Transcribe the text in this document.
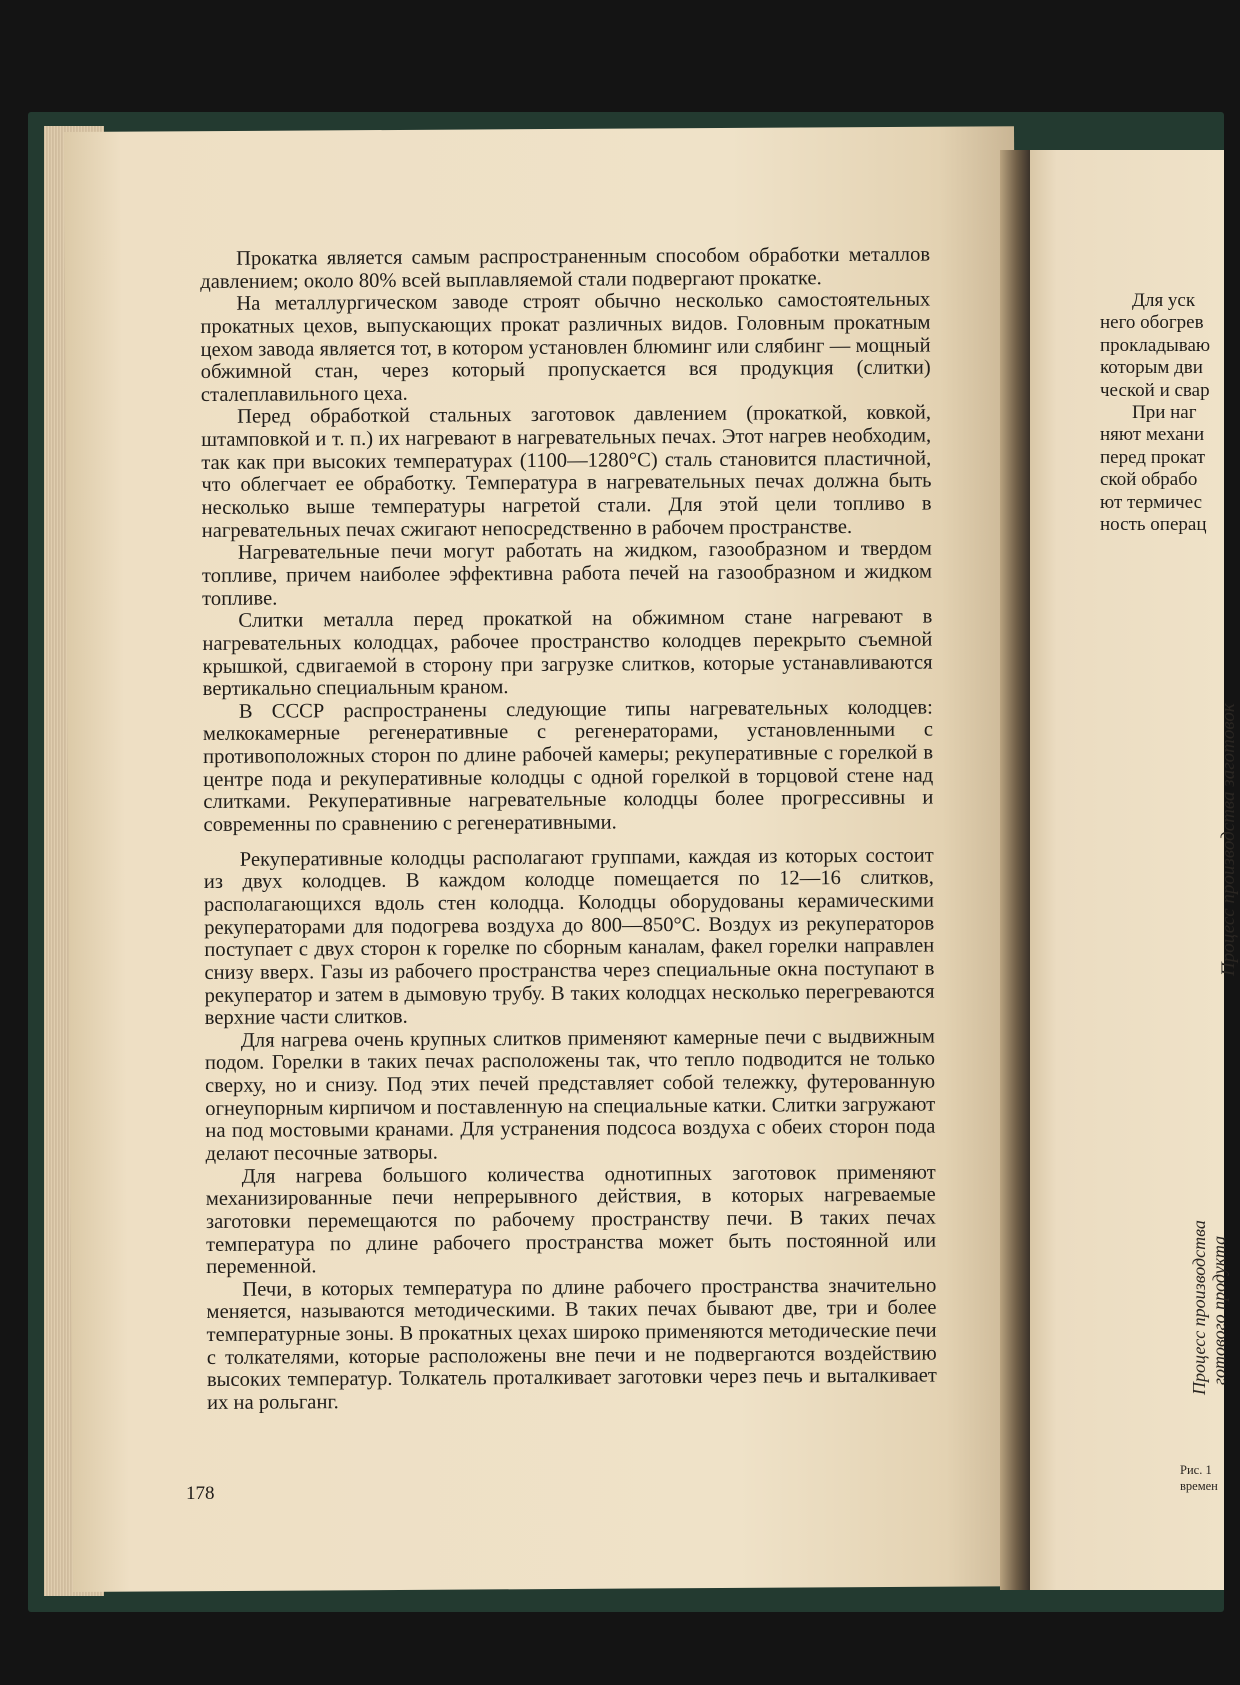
Прокатка является самым распространенным способом обработки металлов давлением; около 80% всей выплавляемой стали подвергают прокатке.

На металлургическом заводе строят обычно несколько самостоятельных прокатных цехов, выпускающих прокат различных видов. Головным прокатным цехом завода является тот, в котором установлен блюминг или слябинг — мощный обжимной стан, через который пропускается вся продукция (слитки) сталеплавильного цеха.

Перед обработкой стальных заготовок давлением (прокаткой, ковкой, штамповкой и т. п.) их нагревают в нагревательных печах. Этот нагрев необходим, так как при высоких температурах (1100—1280°С) сталь становится пластичной, что облегчает ее обработку. Температура в нагревательных печах должна быть несколько выше температуры нагретой стали. Для этой цели топливо в нагревательных печах сжигают непосредственно в рабочем пространстве.

Нагревательные печи могут работать на жидком, газообразном и твердом топливе, причем наиболее эффективна работа печей на газообразном и жидком топливе.

Слитки металла перед прокаткой на обжимном стане нагревают в нагревательных колодцах, рабочее пространство колодцев перекрыто съемной крышкой, сдвигаемой в сторону при загрузке слитков, которые устанавливаются вертикально специальным краном.

В СССР распространены следующие типы нагревательных колодцев: мелкокамерные регенеративные с регенераторами, установленными с противоположных сторон по длине рабочей камеры; рекуперативные с горелкой в центре пода и рекуперативные колодцы с одной горелкой в торцовой стене над слитками. Рекуперативные нагревательные колодцы более прогрессивны и современны по сравнению с регенеративными.

Рекуперативные колодцы располагают группами, каждая из которых состоит из двух колодцев. В каждом колодце помещается по 12—16 слитков, располагающихся вдоль стен колодца. Колодцы оборудованы керамическими рекуператорами для подогрева воздуха до 800—850°С. Воздух из рекуператоров поступает с двух сторон к горелке по сборным каналам, факел горелки направлен снизу вверх. Газы из рабочего пространства через специальные окна поступают в рекуператор и затем в дымовую трубу. В таких колодцах несколько перегреваются верхние части слитков.

Для нагрева очень крупных слитков применяют камерные печи с выдвижным подом. Горелки в таких печах расположены так, что тепло подводится не только сверху, но и снизу. Под этих печей представляет собой тележку, футерованную огнеупорным кирпичом и поставленную на специальные катки. Слитки загружают на под мостовыми кранами. Для устранения подсоса воздуха с обеих сторон пода делают песочные затворы.

Для нагрева большого количества однотипных заготовок применяют механизированные печи непрерывного действия, в которых нагреваемые заготовки перемещаются по рабочему пространству печи. В таких печах температура по длине рабочего пространства может быть постоянной или переменной.

Печи, в которых температура по длине рабочего пространства значительно меняется, называются методическими. В таких печах бывают две, три и более температурные зоны. В прокатных цехах широко применяются методические печи с толкателями, которые расположены вне печи и не подвергаются воздействию высоких температур. Толкатель проталкивает заготовки через печь и выталкивает их на рольганг.

178
Для уск
него обогрев
прокладываю
которым дви
ческой и свар
При наг
няют механи
перед прокат
ской обрабо
ют термичес
ность операц
Процесс производства заготовок
Процесс производства готового продукта
Рис. 1
времен
